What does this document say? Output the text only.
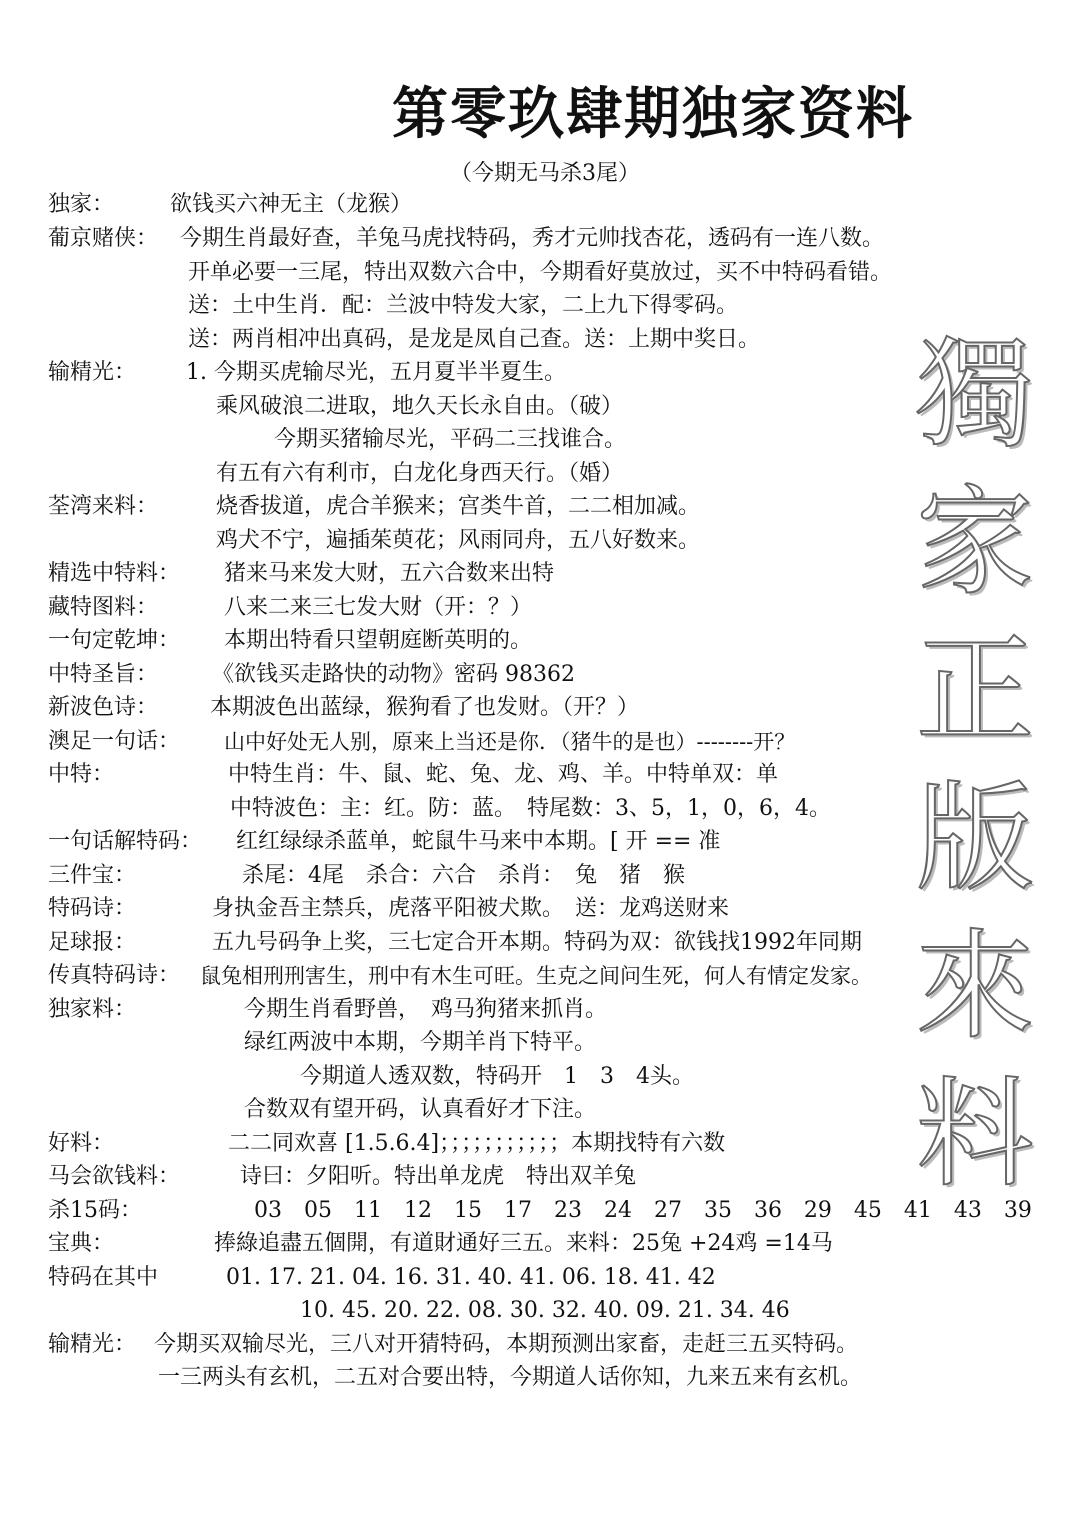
第零玖肆期独家资料
（今期无马杀3尾）
獨
家
正
版
來
料
独家：	欲钱买六神无主（龙猴）
葡京赌侠： 今期生肖最好查，羊兔马虎找特码，秀才元帅找杏花，透码有一连八数。
开单必要一三尾，特出双数六合中，今期看好莫放过，买不中特码看错。
送：土中生肖．配：兰波中特发大家，二上九下得零码。
送：两肖相冲出真码，是龙是凤自己查。送：上期中奖日。
输精光： 1. 今期买虎输尽光，五月夏半半夏生。
乘风破浪二进取，地久天长永自由。（破）
今期买猪输尽光，平码二三找谁合。
有五有六有利市，白龙化身西天行。（婚）
荃湾来料：	烧香拔道，虎合羊猴来；宫类牛首，二二相加减。
鸡犬不宁，遍插茱萸花；风雨同舟，五八好数来。
精选中特料： 猪来马来发大财，五六合数来出特
藏特图料：	八来二来三七发大财（开：？）
一句定乾坤： 本期出特看只望朝庭断英明的。
中特圣旨： 《欲钱买走路快的动物》密码 98362
新波色诗： 本期波色出蓝绿，猴狗看了也发财。（开？）
澳足一句话： 山中好处无人别，原来上当还是你．（猪牛的是也）--------开？
中特：	中特生肖：牛、鼠、蛇、兔、龙、鸡、羊。中特单双：单
中特波色：主：红。防：蓝。　特尾数：3、5，1，0，6，4。
一句话解特码： 红红绿绿杀蓝单，蛇鼠牛马来中本期。[ 开 == 准
三件宝：	杀尾：4尾　杀合：六合　杀肖：　兔　猪　猴
特码诗：	身执金吾主禁兵，虎落平阳被犬欺。　送：龙鸡送财来
足球报：	五九号码争上奖，三七定合开本期。特码为双：欲钱找1992年同期
传真特码诗： 鼠兔相刑刑害生，刑中有木生可旺。生克之间问生死，何人有情定发家。
独家料：	今期生肖看野兽，　鸡马狗猪来抓肖。
绿红两波中本期，今期羊肖下特平。
今期道人透双数，特码开　1　3　4头。
合数双有望开码，认真看好才下注。
好料：	二二同欢喜 [1.5.6.4]；；；；；；；；；；；本期找特有六数
马会欲钱料：	诗曰：夕阳听。特出单龙虎　特出双羊兔
杀15码：	03　05　11　12　15　17　23　24　27　35　36　29　45　41　43　39
宝典：	捧綠追盡五個開，有道財通好三五。来料：25兔 +24鸡 =14马
特码在其中	01. 17. 21. 04. 16. 31. 40. 41. 06. 18. 41. 42
10. 45. 20. 22. 08. 30. 32. 40. 09. 21. 34. 46
输精光： 今期买双输尽光，三八对开猜特码，本期预测出家畜，走赶三五买特码。
一三两头有玄机，二五对合要出特，今期道人话你知，九来五来有玄机。
